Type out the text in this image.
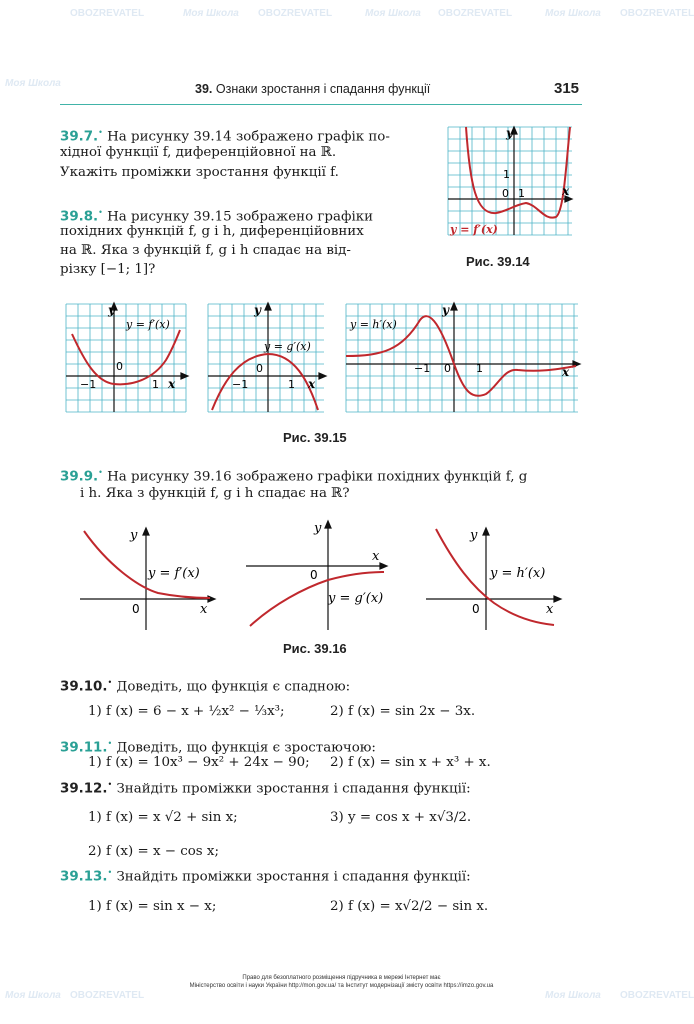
Моя Школа OBOZREVATEL	Моя Школа OBOZREVATEL	Моя Школа OBOZREVATEL
OBOZREVATEL
Моя Школа
Моя Школа OBOZREVATEL	Моя Школа OBOZREVATEL
39. Ознаки зростання і спадання функції	315
39.7.• На рисунку 39.14 зображено графік по-
хідної функції f, диференційовної на ℝ.
Укажіть проміжки зростання функції f.
39.8.• На рисунку 39.15 зображено графіки
похідних функцій f, g і h, диференційовних
на ℝ. Яка з функцій f, g і h спадає на від-
різку [−1; 1]?
y
x
1
0 1
y = f′(x)
Рис. 39.14
y
x
0
−1	1
y = f′(x)
y
x
0
−1	1
y = g′(x)
y
x
0
−1	1
y = h′(x)
Рис. 39.15
39.9.• На рисунку 39.16 зображено графіки похідних функцій f, g
і h. Яка з функцій f, g і h спадає на ℝ?
y
x
0
y = f′(x)
y
x
0
y = g′(x)
y
x
0
y = h′(x)
Рис. 39.16
39.10.• Доведіть, що функція є спадною:
1) f (x) = 6 − x + ½x² − ⅓x³;	2) f (x) = sin 2x − 3x.
39.11.• Доведіть, що функція є зростаючою:
1) f (x) = 10x³ − 9x² + 24x − 90; 2) f (x) = sin x + x³ + x.
39.12.• Знайдіть проміжки зростання і спадання функції:
1) f (x) = x √2 + sin x;	3) y = cos x + x√3/2.
2) f (x) = x − cos x;
39.13.• Знайдіть проміжки зростання і спадання функції:
1) f (x) = sin x − x;	2) f (x) = x√2/2 − sin x.
Право для безоплатного розміщення підручника в мережі Інтернет має
Міністерство освіти і науки України http://mon.gov.ua/ та Інститут модернізації змісту освіти https://imzo.gov.ua
